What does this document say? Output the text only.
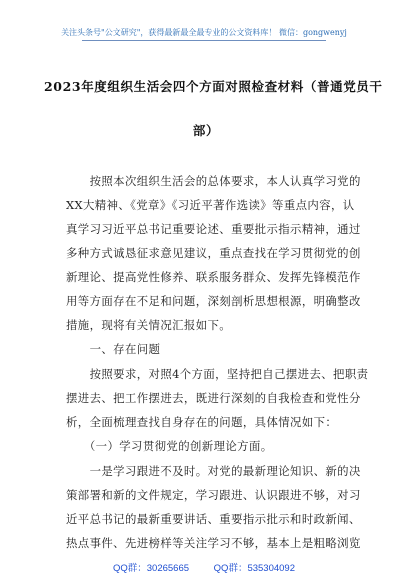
关注头条号"公文研究"，获得最新最全最专业的公文资料库！ 微信：gongwenyj
2023年度组织生活会四个方面对照检查材料（普通党员干
部）
　　按照本次组织生活会的总体要求，本人认真学习党的
XX大精神、《党章》《习近平著作选读》等重点内容，认
真学习习近平总书记重要论述、重要批示指示精神，通过
多种方式诚恳征求意见建议，重点查找在学习贯彻党的创
新理论、提高党性修养、联系服务群众、发挥先锋模范作
用等方面存在不足和问题，深刻剖析思想根源，明确整改
措施，现将有关情况汇报如下。
　　一、存在问题
　　按照要求，对照4个方面，坚持把自己摆进去、把职责
摆进去、把工作摆进去，既进行深刻的自我检查和党性分
析，全面梳理查找自身存在的问题，具体情况如下：
　　（一）学习贯彻党的创新理论方面。
　　一是学习跟进不及时。对党的最新理论知识、新的决
策部署和新的文件规定，学习跟进、认识跟进不够，对习
近平总书记的最新重要讲话、重要指示批示和时政新闻、
热点事件、先进榜样等关注学习不够，基本上是粗略浏览
QQ群：30265665	QQ群：535304092
